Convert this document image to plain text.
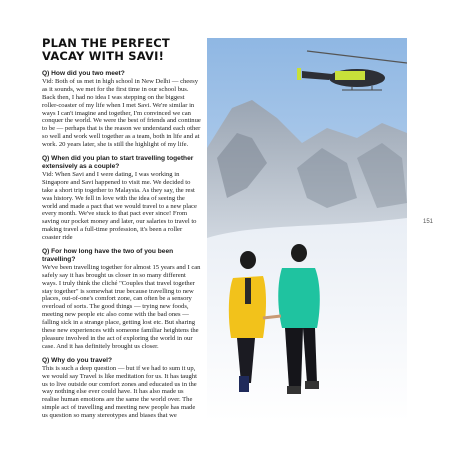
PLAN THE PERFECT
VACAY WITH SAVI!

Q) How did you two meet?

Vid: Both of us met in high school in New Delhi — cheesy as it sounds, we met for the first time in our school bus. Back then, I had no idea I was stepping on the biggest roller-coaster of my life when I met Savi. We're similar in ways I can't imagine and together, I'm convinced we can conquer the world. We were the best of friends and continue to be — perhaps that is the reason we understand each other so well and work well together as a team, both in life and at work. 20 years later, she is still the highlight of my life.

Q) When did you plan to start travelling together extensively as a couple?

Vid: When Savi and I were dating, I was working in Singapore and Savi happened to visit me. We decided to take a short trip together to Malaysia. As they say, the rest was history. We fell in love with the idea of seeing the world and made a pact that we would travel to a new place every month. We've stuck to that pact ever since! From saving our pocket money and later, our salaries to travel to making travel a full-time profession, it's been a roller coaster ride

Q) For how long have the two of you been travelling?

We've been travelling together for almost 15 years and I can safely say it has brought us closer in so many different ways. I truly think the cliché "Couples that travel together stay together" is somewhat true because travelling to new places, out-of-one's comfort zone, can often be a sensory overload of sorts. The good things — trying new foods, meeting new people etc also come with the bad ones — falling sick in a strange place, getting lost etc. But sharing these new experiences with someone familiar heightens the pleasure involved in the act of exploring the world in our case. And it has definitely brought us closer.

Q) Why do you travel?

This is such a deep question — but if we had to sum it up, we would say Travel is like meditation for us. It has taught us to live outside our comfort zones and educated us in the way nothing else ever could have. It has also made us realise human emotions are the same the world over. The simple act of travelling and meeting new people has made us question so many stereotypes and biases that we

151
